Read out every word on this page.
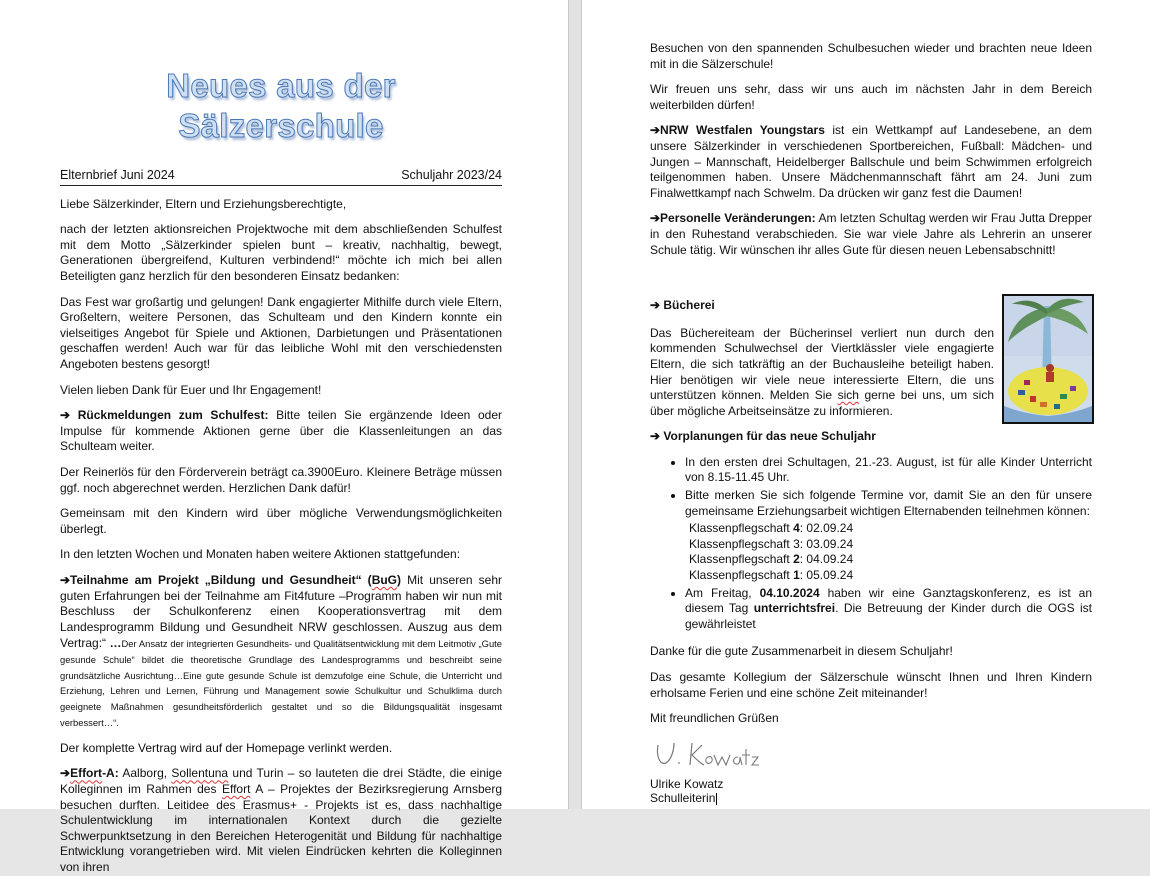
Neues aus der Sälzerschule
Elternbrief Juni 2024	Schuljahr 2023/24

Liebe Sälzerkinder, Eltern und Erziehungsberechtigte,

nach der letzten aktionsreichen Projektwoche mit dem abschließenden Schulfest mit dem Motto „Sälzerkinder spielen bunt – kreativ, nachhaltig, bewegt, Generationen übergreifend, Kulturen verbindend!“ möchte ich mich bei allen Beteiligten ganz herzlich für den besonderen Einsatz bedanken:

Das Fest war großartig und gelungen! Dank engagierter Mithilfe durch viele Eltern, Großeltern, weitere Personen, das Schulteam und den Kindern konnte ein vielseitiges Angebot für Spiele und Aktionen, Darbietungen und Präsentationen geschaffen werden! Auch war für das leibliche Wohl mit den verschiedensten Angeboten bestens gesorgt!

Vielen lieben Dank für Euer und Ihr Engagement!

➔ Rückmeldungen zum Schulfest: Bitte teilen Sie ergänzende Ideen oder Impulse für kommende Aktionen gerne über die Klassenleitungen an das Schulteam weiter.

Der Reinerlös für den Förderverein beträgt ca.3900Euro. Kleinere Beträge müssen ggf. noch abgerechnet werden. Herzlichen Dank dafür!

Gemeinsam mit den Kindern wird über mögliche Verwendungsmöglichkeiten überlegt.

In den letzten Wochen und Monaten haben weitere Aktionen stattgefunden:

➔Teilnahme am Projekt „Bildung und Gesundheit“ (BuG) Mit unseren sehr guten Erfahrungen bei der Teilnahme am Fit4future –Programm haben wir nun mit Beschluss der Schulkonferenz einen Kooperationsvertrag mit dem Landesprogramm Bildung und Gesundheit NRW geschlossen. Auszug aus dem Vertrag:“ …Der Ansatz der integrierten Gesundheits- und Qualitätsentwicklung mit dem Leitmotiv „Gute gesunde Schule“ bildet die theoretische Grundlage des Landesprogramms und beschreibt seine grundsätzliche Ausrichtung…Eine gute gesunde Schule ist demzufolge eine Schule, die Unterricht und Erziehung, Lehren und Lernen, Führung und Management sowie Schulkultur und Schulklima durch geeignete Maßnahmen gesundheitsförderlich gestaltet und so die Bildungsqualität insgesamt verbessert…“.

Der komplette Vertrag wird auf der Homepage verlinkt werden.

➔Effort-A: Aalborg, Sollentuna und Turin – so lauteten die drei Städte, die einige Kolleginnen im Rahmen des Effort A – Projektes der Bezirksregierung Arnsberg besuchen durften. Leitidee des Erasmus+ - Projekts ist es, dass nachhaltige Schulentwicklung im internationalen Kontext durch die gezielte Schwerpunktsetzung in den Bereichen Heterogenität und Bildung für nachhaltige Entwicklung vorangetrieben wird. Mit vielen Eindrücken kehrten die Kolleginnen von ihren

Besuchen von den spannenden Schulbesuchen wieder und brachten neue Ideen mit in die Sälzerschule!

Wir freuen uns sehr, dass wir uns auch im nächsten Jahr in dem Bereich weiterbilden dürfen!

➔NRW Westfalen Youngstars ist ein Wettkampf auf Landesebene, an dem unsere Sälzerkinder in verschiedenen Sportbereichen, Fußball: Mädchen- und Jungen – Mannschaft, Heidelberger Ballschule und beim Schwimmen erfolgreich teilgenommen haben. Unsere Mädchenmannschaft fährt am 24. Juni zum Finalwettkampf nach Schwelm. Da drücken wir ganz fest die Daumen!

➔Personelle Veränderungen: Am letzten Schultag werden wir Frau Jutta Drepper in den Ruhestand verabschieden. Sie war viele Jahre als Lehrerin an unserer Schule tätig. Wir wünschen ihr alles Gute für diesen neuen Lebensabschnitt!

➔ Bücherei

Das Büchereiteam der Bücherinsel verliert nun durch den kommenden Schulwechsel der Viertklässler viele engagierte Eltern, die sich tatkräftig an der Buchausleihe beteiligt haben. Hier benötigen wir viele neue interessierte Eltern, die uns unterstützen können. Melden Sie sich gerne bei uns, um sich über mögliche Arbeitseinsätze zu informieren.

➔ Vorplanungen für das neue Schuljahr

• In den ersten drei Schultagen, 21.-23. August, ist für alle Kinder Unterricht von 8.15-11.45 Uhr.
• Bitte merken Sie sich folgende Termine vor, damit Sie an den für unsere gemeinsame Erziehungsarbeit wichtigen Elternabenden teilnehmen können:
Klassenpflegschaft 4: 02.09.24
Klassenpflegschaft 3: 03.09.24
Klassenpflegschaft 2: 04.09.24
Klassenpflegschaft 1: 05.09.24
• Am Freitag, 04.10.2024 haben wir eine Ganztagskonferenz, es ist an diesem Tag unterrichtsfrei. Die Betreuung der Kinder durch die OGS ist gewährleistet

Danke für die gute Zusammenarbeit in diesem Schuljahr!

Das gesamte Kollegium der Sälzerschule wünscht Ihnen und Ihren Kindern erholsame Ferien und eine schöne Zeit miteinander!

Mit freundlichen Grüßen

Ulrike Kowatz
Schulleiterin
